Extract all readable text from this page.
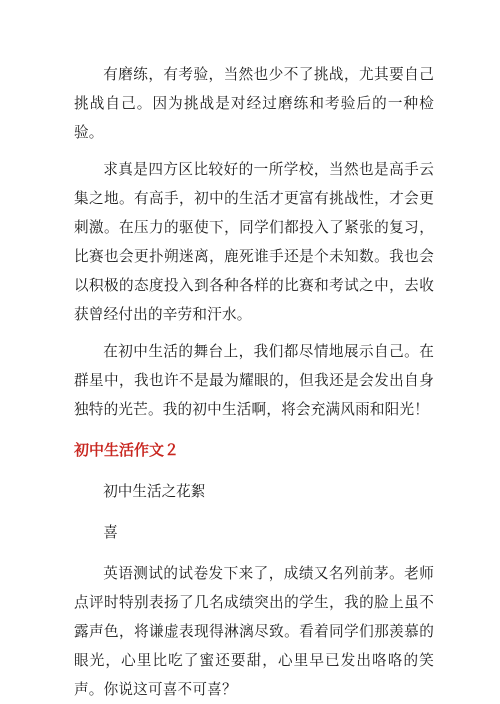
有磨练，有考验，当然也少不了挑战，尤其要自己挑战自己。因为挑战是对经过磨练和考验后的一种检验。

求真是四方区比较好的一所学校，当然也是高手云集之地。有高手，初中的生活才更富有挑战性，才会更刺激。在压力的驱使下，同学们都投入了紧张的复习，比赛也会更扑朔迷离，鹿死谁手还是个未知数。我也会以积极的态度投入到各种各样的比赛和考试之中，去收获曾经付出的辛劳和汗水。

在初中生活的舞台上，我们都尽情地展示自己。在群星中，我也许不是最为耀眼的，但我还是会发出自身独特的光芒。我的初中生活啊，将会充满风雨和阳光！

初中生活作文２

初中生活之花絮

喜

英语测试的试卷发下来了，成绩又名列前茅。老师点评时特别表扬了几名成绩突出的学生，我的脸上虽不露声色，将谦虚表现得淋漓尽致。看着同学们那羡慕的眼光，心里比吃了蜜还要甜，心里早已发出咯咯的笑声。你说这可喜不可喜？
